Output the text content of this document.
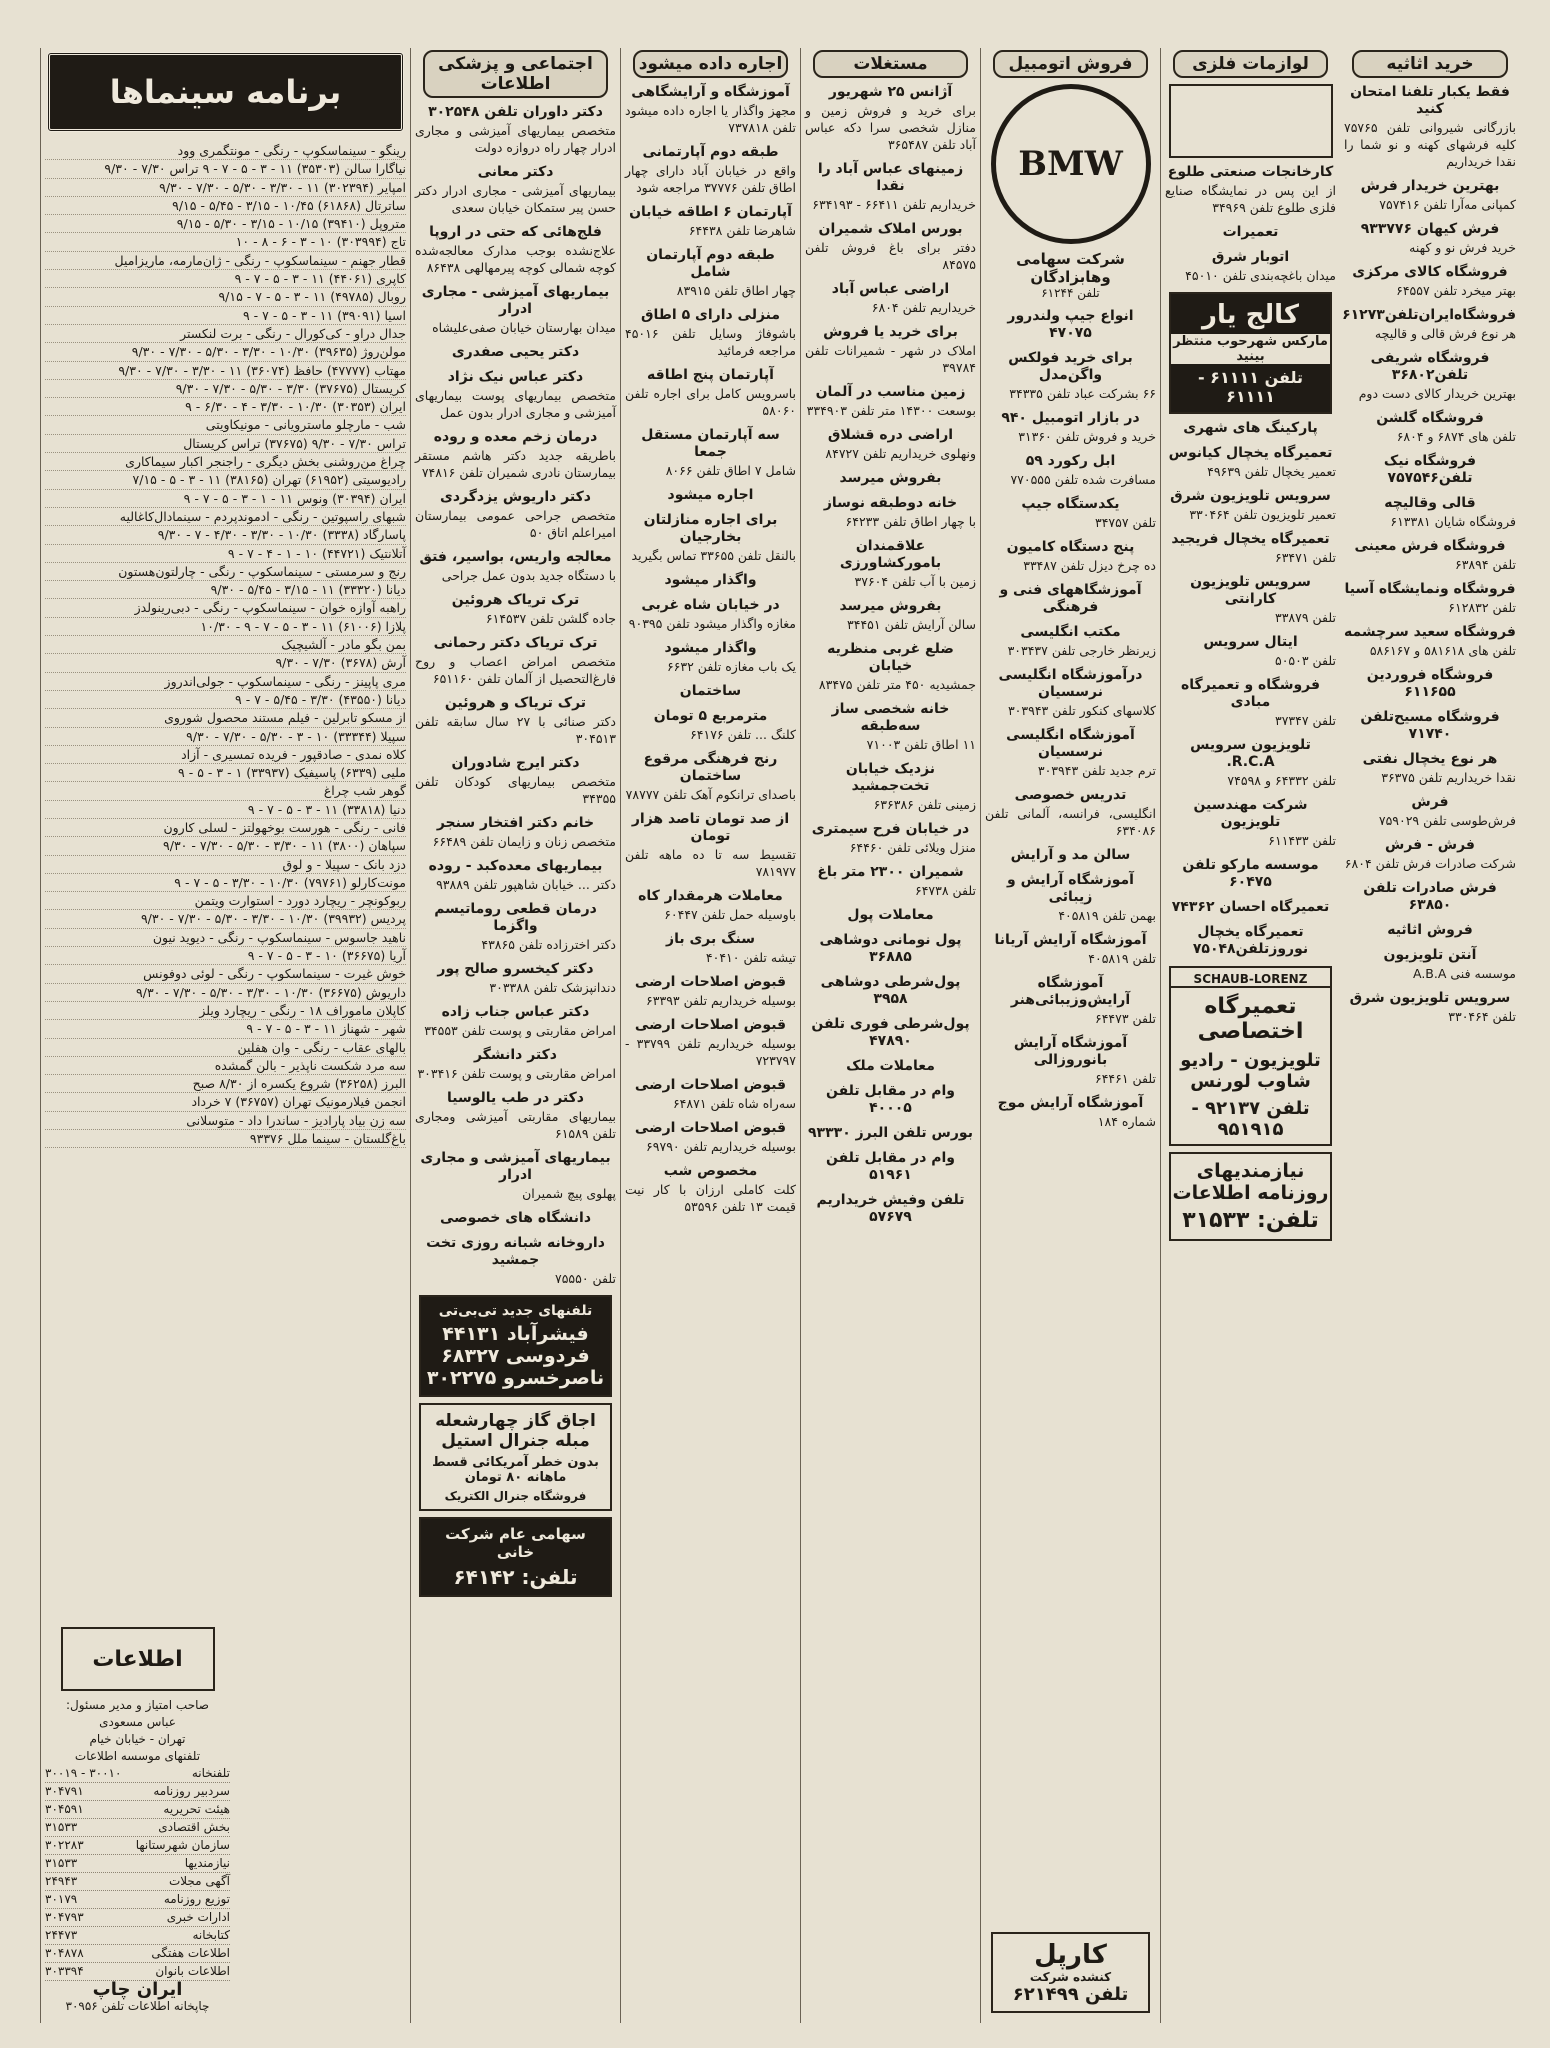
خرید اثاثیه
فقط یکبار تلفنا امتحان کنید
بازرگانی شیروانی تلفن ۷۵۷۶۵ کلیه فرشهای کهنه و نو شما را نقدا خریداریم
بهترین خریدار فرش
کمپانی مه‌آرا تلفن ۷۵۷۴۱۶
فرش کیهان ۹۳۳۷۷۶
خرید فرش نو و کهنه
فروشگاه کالای مرکزی
بهتر میخرد تلفن ۶۴۵۵۷
فروشگاه‌ایران‌تلفن۶۱۲۷۳
هر نوع فرش قالی و قالیچه
فروشگاه شریفی تلفن۳۶۸۰۲
بهترین خریدار کالای دست دوم
فروشگاه گلشن
تلفن های ۶۸۷۴ و ۶۸۰۴
فروشگاه نیک تلفن۷۵۷۵۴۶
قالی وقالیچه
فروشگاه شایان ۶۱۳۳۸۱
فروشگاه فرش معینی
تلفن ۶۳۸۹۴
فروشگاه ونمایشگاه آسیا
تلفن ۶۱۲۸۳۲
فروشگاه سعید سرچشمه
تلفن های ۵۸۱۶۱۸ و ۵۸۶۱۶۷
فروشگاه فروردین ۶۱۱۶۵۵
فروشگاه مسیح‌تلفن ۷۱۷۴۰
هر نوع یخچال نفتی
نقدا خریداریم تلفن ۳۶۳۷۵
فرش
فرش‌طوسی تلفن ۷۵۹۰۲۹
فرش - فرش
شرکت صادرات فرش تلفن ۶۸۰۴
فرش صادرات تلفن ۶۳۸۵۰
فروش اثاثیه
آنتن تلویزیون
موسسه فنی A.B.A
سرویس تلویزیون شرق
تلفن ۳۳۰۴۶۴
لوازمات فلزی
کارخانجات صنعتی طلوع
از این پس در نمایشگاه صنایع فلزی طلوع تلفن ۳۴۹۶۹
تعمیرات
اتوبار شرق
میدان باغچه‌بندی تلفن ۴۵۰۱۰
کالج یار
ماركس شهرحوب منتظر بینید
تلفن ۶۱۱۱۱ - ۶۱۱۱۱
پارکینگ های شهری
تعمیرگاه یخچال کیانوس
تعمیر یخچال تلفن ۴۹۶۳۹
سرویس تلویزیون شرق
تعمیر تلویزیون تلفن ۳۳۰۴۶۴
تعمیرگاه یخچال فریجید
تلفن ۶۳۴۷۱
سرویس تلویزیون کارانتی
تلفن ۳۳۸۷۹
ایتال سرویس
تلفن ۵۰۵۰۳
فروشگاه و تعمیرگاه مبادی
تلفن ۳۷۳۴۷
تلویزیون سرویس R.C.A.
تلفن ۶۴۳۳۲ و ۷۴۵۹۸
شرکت مهندسین تلویزیون
تلفن ۶۱۱۴۳۳
موسسه ماركو تلفن ۶۰۴۷۵
تعمیرگاه احسان ۷۴۳۶۲
تعمیرگاه یخچال نوروزتلفن۷۵۰۴۸
SCHAUB-LORENZ
تعمیرگاه اختصاصی
تلویزیون - رادیو شاوب لورنس
تلفن ۹۲۱۳۷ - ۹۵۱۹۱۵
نیازمندیهای روزنامه اطلاعات
تلفن: ۳۱۵۳۳
فروش اتومبیل
BMW
شرکت سهامی وهابزادگان
تلفن ۶۱۲۴۴
انواع جیپ ولندرور ۴۷۰۷۵
برای خرید فولکس واگن‌مدل
۶۶ بشرکت عباد تلفن ۳۴۳۳۵
در بازار اتومبیل ۹۴۰
خرید و فروش تلفن ۳۱۳۶۰
ابل رکورد ۵۹
مسافرت شده تلفن ۷۷۰۵۵۵
یکدستگاه جیپ
تلفن ۳۴۷۵۷
پنج دستگاه کامیون
ده چرخ دیزل تلفن ۳۳۴۸۷
آموزشگاههای فنی و فرهنگی
مکتب انگلیسی
زیرنظر خارجی تلفن ۳۰۳۴۳۷
درآموزشگاه انگلیسی نرسسیان
کلاسهای کنکور تلفن ۳۰۳۹۴۳
آموزشگاه انگلیسی نرسسیان
ترم جدید تلفن ۳۰۳۹۴۳
تدریس خصوصی
انگلیسی، فرانسه، آلمانی تلفن ۶۳۴۰۸۶
سالن مد و آرایش
آموزشگاه آرایش و زیبائی
بهمن تلفن ۴۰۵۸۱۹
آموزشگاه آرایش آریانا
تلفن ۴۰۵۸۱۹
آموزشگاه آرایش‌وزیبائی‌هنر
تلفن ۶۴۴۷۳
آموزشگاه آرایش بانوروزالی
تلفن ۶۴۴۶۱
آموزشگاه آرایش موج
شماره ۱۸۴
کارپل
کنشده شرکت
تلفن ۶۲۱۴۹۹
مستغلات
آژانس ۲۵ شهریور
برای خرید و فروش زمین و منازل شخصی سرا دکه عباس آباد تلفن ۳۶۵۴۸۷
زمینهای عباس آباد را نقدا
خریداریم تلفن ۶۶۴۱۱ - ۶۳۴۱۹۳
بورس املاک شمیران
دفتر برای باغ فروش تلفن ۸۴۵۷۵
اراضی عباس آباد
خریداریم تلفن ۶۸۰۴
برای خرید یا فروش
املاک در شهر - شمیرانات تلفن ۳۹۷۸۴
زمین مناسب در آلمان
بوسعت ۱۴۳۰۰ متر تلفن ۳۳۴۹۰۳
اراضی دره قشلاق
ونهلوی خریداریم تلفن ۸۴۷۲۷
بفروش میرسد
خانه دوطبقه نوساز
با چهار اطاق تلفن ۶۴۲۳۳
علاقمندان باموركشاورزی
زمین با آب تلفن ۳۷۶۰۴
بفروش میرسد
سالن آرایش تلفن ۳۴۴۵۱
ضلع غربی منظریه خیابان
جمشیدیه ۴۵۰ متر تلفن ۸۳۴۷۵
خانه شخصی ساز سه‌طبقه
۱۱ اطاق تلفن ۷۱۰۰۳
نزدیک خیابان تخت‌جمشید
زمینی تلفن ۶۳۶۳۸۶
در خیابان فرح سیمتری
منزل ویلائی تلفن ۶۴۴۶۰
شمیران ۲۳۰۰ متر باغ
تلفن ۶۴۷۳۸
معاملات پول
پول نومانی دوشاهی ۳۶۸۸۵
پول‌شرطی دوشاهی ۳۹۵۸
پول‌شرطی فوری تلفن ۴۷۸۹۰
معاملات ملک
وام در مقابل تلفن ۴۰۰۰۵
بورس تلفن البرز ۹۳۳۳۰
وام در مقابل تلفن ۵۱۹۶۱
تلفن وفیش خریداریم ۵۷۶۷۹
اجاره داده میشود
آموزشگاه و آرایشگاهی
مجهز واگذار یا اجاره داده میشود تلفن ۷۳۷۸۱۸
طبقه دوم آپارتمانی
واقع در خیابان آباد دارای چهار اطاق تلفن ۳۷۷۷۶ مراجعه شود
آپارتمان ۶ اطاقه خیابان
شاهرضا تلفن ۶۴۴۳۸
طبقه دوم آپارتمان شامل
چهار اطاق تلفن ۸۳۹۱۵
منزلی دارای ۵ اطاق
باشوفاژ وسایل تلفن ۴۵۰۱۶ مراجعه فرمائید
آپارتمان پنج اطاقه
باسرویس کامل برای اجاره تلفن ۵۸۰۶۰
سه آپارتمان مستقل جمعا
شامل ۷ اطاق تلفن ۸۰۶۶
اجاره میشود
برای اجاره منازلتان بخارجیان
بالنقل تلفن ۳۳۶۵۵ تماس بگیرید
واگذار میشود
در خیابان شاه غربی
مغازه واگذار میشود تلفن ۹۰۳۹۵
واگذار میشود
یک باب مغازه تلفن ۶۶۳۲
ساختمان
مترمربع ۵ تومان
کلنگ ... تلفن ۶۴۱۷۶
رنج فرهنگی مرقوع ساختمان
باصدای ترانکوم آهک تلفن ۷۸۷۷۷
از صد تومان تاصد هزار تومان
تقسیط سه تا ده ماهه تلفن ۷۸۱۹۷۷
معاملات هرمقدار کاه
باوسیله حمل تلفن ۶۰۴۴۷
سنگ بری باز
تیشه تلفن ۴۰۴۱۰
قبوض اصلاحات ارضی
بوسیله خریداریم تلفن ۶۳۳۹۳
قبوض اصلاحات ارضی
بوسیله خریداریم تلفن ۳۳۷۹۹ - ۷۲۳۷۹۷
قبوض اصلاحات ارضی
سه‌راه شاه تلفن ۶۴۸۷۱
قبوض اصلاحات ارضی
بوسیله خریداریم تلفن ۶۹۷۹۰
مخصوص شب
کلت کاملی ارزان با کار نیت قیمت ۱۳ تلفن ۵۳۵۹۶
اجتماعی و پزشکی اطلاعات
دکتر داوران تلفن ۳۰۲۵۴۸
متخصص بیماریهای آمیزشی و مجاری ادرار چهار راه دروازه دولت
دکتر معانی
بیماریهای آمیزشی - مجاری ادرار دکتر حسن پیر ستمکان خیابان سعدی
فلج‌هائی که حتی در اروپا
علاج‌نشده بوجب مدارک معالجه‌شده کوچه شمالی کوچه پیرمهالهی ۸۶۴۳۸
بیماریهای آمیزشی - مجاری ادرار
میدان بهارستان خیابان صفی‌علیشاه
دکتر یحیی صفدری
دکتر عباس نیک نژاد
متخصص بیماریهای پوست بیماریهای آمیزشی و مجاری ادرار بدون عمل
درمان زخم معده و روده
باطریقه جدید دکتر هاشم مستقر بیمارستان نادری شمیران تلفن ۷۴۸۱۶
دکتر داریوش یزدگردی
متخصص جراحی عمومی بیمارستان امیراعلم اتاق ۵۰
معالجه واریس، بواسیر، فتق
با دستگاه جدید بدون عمل جراحی
ترک تریاک هروئین
جاده گلشن تلفن ۶۱۴۵۳۷
ترک تریاک دکتر رحمانی
متخصص امراض اعصاب و روح فارغ‌التحصیل از آلمان تلفن ۶۵۱۱۶۰
ترک تریاک و هروئین
دکتر صنائی با ۲۷ سال سابقه تلفن ۳۰۴۵۱۳
دکتر ایرج شادوران
متخصص بیماریهای کودکان تلفن ۳۴۳۵۵
خانم دکتر افتخار سنجر
متخصص زنان و زایمان تلفن ۶۶۴۸۹
بیماریهای معده‌کبد - روده
دکتر ... خیابان شاهپور تلفن ۹۳۸۸۹
درمان قطعی روماتیسم واگزما
دکتر اخترزاده تلفن ۴۳۸۶۵
دکتر کیخسرو صالح پور
دندانپزشک تلفن ۳۰۳۳۸۸
دکتر عباس جناب زاده
امراض مقاربتی و پوست تلفن ۳۴۵۵۳
دکتر دانشگر
امراض مقاربتی و پوست تلفن ۳۰۳۴۱۶
دکتر در طب یالوسیا
بیماریهای مقاربتی آمیزشی ومجاری تلفن ۶۱۵۸۹
بیماریهای آمیزشی و مجاری ادرار
پهلوی پیچ شمیران
دانشگاه های خصوصی
داروخانه شبانه روزی تخت جمشید
تلفن ۷۵۵۵۰
تلفنهای جدید تی‌بی‌تی
فیشرآباد ۴۴۱۳۱
فردوسی ۶۸۳۲۷
ناصرخسرو ۳۰۲۲۷۵
اجاق گاز چهارشعله مبله جنرال استیل
بدون خطر آمریکائی قسط ماهانه ۸۰ تومان
فروشگاه جنرال الکتریک
سهامی عام شرکت خانی
تلفن: ۶۴۱۴۲
برنامه سینماها
رینگو - سینماسکوپ - رنگی - مونتگمری وود
نیاگارا سالن (۳۵۳۰۳) ۱۱ - ۳ - ۵ - ۷ - ۹ تراس ۷/۳۰ - ۹/۳۰
امپایر (۳۰۲۳۹۴) ۱۱ - ۳/۳۰ - ۵/۳۰ - ۷/۳۰ - ۹/۳۰
ساترتال (۶۱۸۶۸) ۱۰/۴۵ - ۳/۱۵ - ۵/۴۵ - ۹/۱۵
متروپل (۳۹۴۱۰) ۱۰/۱۵ - ۳/۱۵ - ۵/۳۰ - ۹/۱۵
تاج (۳۰۳۹۹۴) ۱۰ - ۳ - ۶ - ۸ - ۱۰
قطار جهنم - سینماسکوپ - رنگی - ژان‌مارمه، ماریزامیل
کاپری (۴۴۰۶۱) ۱۱ - ۳ - ۵ - ۷ - ۹
روبال (۴۹۷۸۵) ۱۱ - ۳ - ۵ - ۷ - ۹/۱۵
اسیا (۳۹۰۹۱) ۱۱ - ۳ - ۵ - ۷ - ۹
جدال دراو - کی‌کورال - رنگی - برت لنکستر
مولن‌روژ (۳۹۶۳۵) ۱۰/۳۰ - ۳/۳۰ - ۵/۳۰ - ۷/۳۰ - ۹/۳۰
مهتاب (۴۷۷۷۷) حافظ (۳۶۰۷۴) ۱۱ - ۳/۳۰ - ۷/۳۰ - ۹/۳۰
کریستال (۳۷۶۷۵) ۳/۳۰ - ۵/۳۰ - ۷/۳۰ - ۹/۳۰
ایران (۳۰۳۵۳) ۱۰/۳۰ - ۳/۳۰ - ۴ - ۶/۳۰ - ۹
شب - مارچلو ماسترویانی - مونیکاویتی
تراس ۷/۳۰ - ۹/۳۰ (۳۷۶۷۵) تراس کریستال
چراغ من‌روشنی بخش دیگری - راجنجر اکبار سیماکاری
رادیوسیتی (۶۱۹۵۲) تهران (۳۸۱۶۵) ۱۱ - ۳ - ۵ - ۷/۱۵
ایران (۳۰۳۹۴) ونوس ۱۱ - ۱ - ۳ - ۵ - ۷ - ۹
شبهای راسپوتین - رنگی - ادموندپردم - سینمادال‌کاغالیه
پاسارگاد (۳۳۳۸) ۱۰/۳۰ - ۳/۳۰ - ۴/۳۰ - ۷ - ۹/۳۰
آتلانتیک (۴۴۷۲۱) ۱۰ - ۱ - ۴ - ۷ - ۹
رنج و سرمستی - سینماسکوپ - رنگی - چارلتون‌هستون
دیانا (۳۳۳۲۰) ۱۱ - ۳/۱۵ - ۵/۴۵ - ۹/۳۰
راهبه آوازه خوان - سینماسکوپ - رنگی - دبی‌رینولدز
پلازا (۶۱۰۰۶) ۱۱ - ۳ - ۵ - ۷ - ۹ - ۱۰/۳۰
بمن بگو مادر - آلشیچیک
آرش (۳۶۷۸) ۷/۳۰ - ۹/۳۰
مری پاپینز - رنگی - سینماسکوپ - جولی‌اندروز
دیانا (۴۳۵۵۰) ۳/۳۰ - ۵/۴۵ - ۷ - ۹
از مسکو تابرلین - فیلم مستند محصول شوروی
سپیلا (۳۳۳۴۴) ۱۰ - ۳ - ۵/۳۰ - ۷/۳۰ - ۹/۳۰
کلاه نمدی - صادقپور - فریده تمسیری - آزاد
ملیی (۶۳۳۹) پاسیفیک (۳۳۹۳۷) ۱ - ۳ - ۵ - ۹
گوهر شب چراغ
دنیا (۳۳۸۱۸) ۱۱ - ۳ - ۵ - ۷ - ۹
فانی - رنگی - هورست بوخهولتز - لسلی کارون
سپاهان (۳۸۰۰) ۱۱ - ۳/۳۰ - ۵/۳۰ - ۷/۳۰ - ۹/۳۰
دزد بانک - سپیلا - و لوق
مونت‌کارلو (۷۹۷۶۱) ۱۰/۳۰ - ۳/۳۰ - ۵ - ۷ - ۹
ربوکونچر - ریچارد دورد - استوارت ویتمن
پردیس (۳۹۹۳۲) ۱۰/۳۰ - ۳/۳۰ - ۵/۳۰ - ۷/۳۰ - ۹/۳۰
ناهید جاسوس - سینماسکوپ - رنگی - دیوید نیون
آریا (۳۶۶۷۵) ۱۰ - ۳ - ۵ - ۷ - ۹
خوش غیرت - سینماسکوپ - رنگی - لوئی دوفونس
داریوش (۳۶۶۷۵) ۱۰/۳۰ - ۳/۳۰ - ۵/۳۰ - ۷/۳۰ - ۹/۳۰
کاپلان ماموراف ۱۸ - رنگی - ریچارد ویلز
شهر - شهناز ۱۱ - ۳ - ۵ - ۷ - ۹
بالهای عقاب - رنگی - وان هفلین
سه مرد شکست ناپذیر - بالن گمشده
البرز (۳۶۲۵۸) شروع یکسره از ۸/۳۰ صبح
انجمن فیلارمونیک تهران (۳۶۷۵۷) ۷ خرداد
سه زن بیاد پارادیز - ساندرا داد - متوسلانی
باغ‌گلستان - سینما ملل ۹۳۳۷۶
اطلاعات
صاحب امتیاز و مدیر مسئول:
عباس مسعودی
تهران - خیابان خیام
تلفنهای موسسه اطلاعات
تلفنخانه
۳۰۰۱۰ - ۳۰۰۱۹
سردبیر روزنامه
۳۰۴۷۹۱
هیئت تحریریه
۳۰۴۵۹۱
بخش اقتصادی
۳۱۵۳۳
سازمان شهرستانها
۳۰۲۲۸۳
نیازمندیها
۳۱۵۳۳
آگهی مجلات
۲۴۹۴۳
توزیع روزنامه
۳۰۱۷۹
ادارات خبری
۳۰۴۷۹۳
کتابخانه
۲۴۴۷۳
اطلاعات هفتگی
۳۰۴۸۷۸
اطلاعات بانوان
۳۰۳۳۹۴
ایران چاپ
چاپخانه اطلاعات تلفن ۳۰۹۵۶
